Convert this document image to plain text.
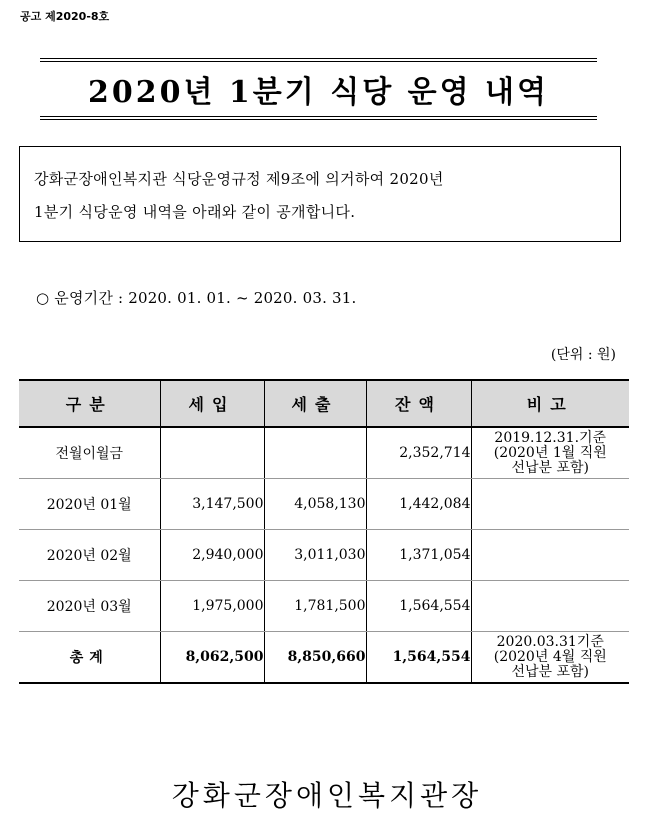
공고 제2020-8호
2020년 1분기 식당 운영 내역
강화군장애인복지관 식당운영규정 제9조에 의거하여 2020년
1분기 식당운영 내역을 아래와 같이 공개합니다.
○ 운영기간 : 2020. 01. 01. ~ 2020. 03. 31.
(단위 : 원)
구분	세입	세출	잔액	비고
전월이월금			2,352,714	2019.12.31.기준
(2020년 1월 직원
선납분 포함)

2020년 01월	3,147,500	4,058,130	1,442,084	
2020년 02월	2,940,000	3,011,030	1,371,054	
2020년 03월	1,975,000	1,781,500	1,564,554	
총계	8,062,500	8,850,660	1,564,554	2020.03.31기준
(2020년 4월 직원
선납분 포함)
강화군장애인복지관장
